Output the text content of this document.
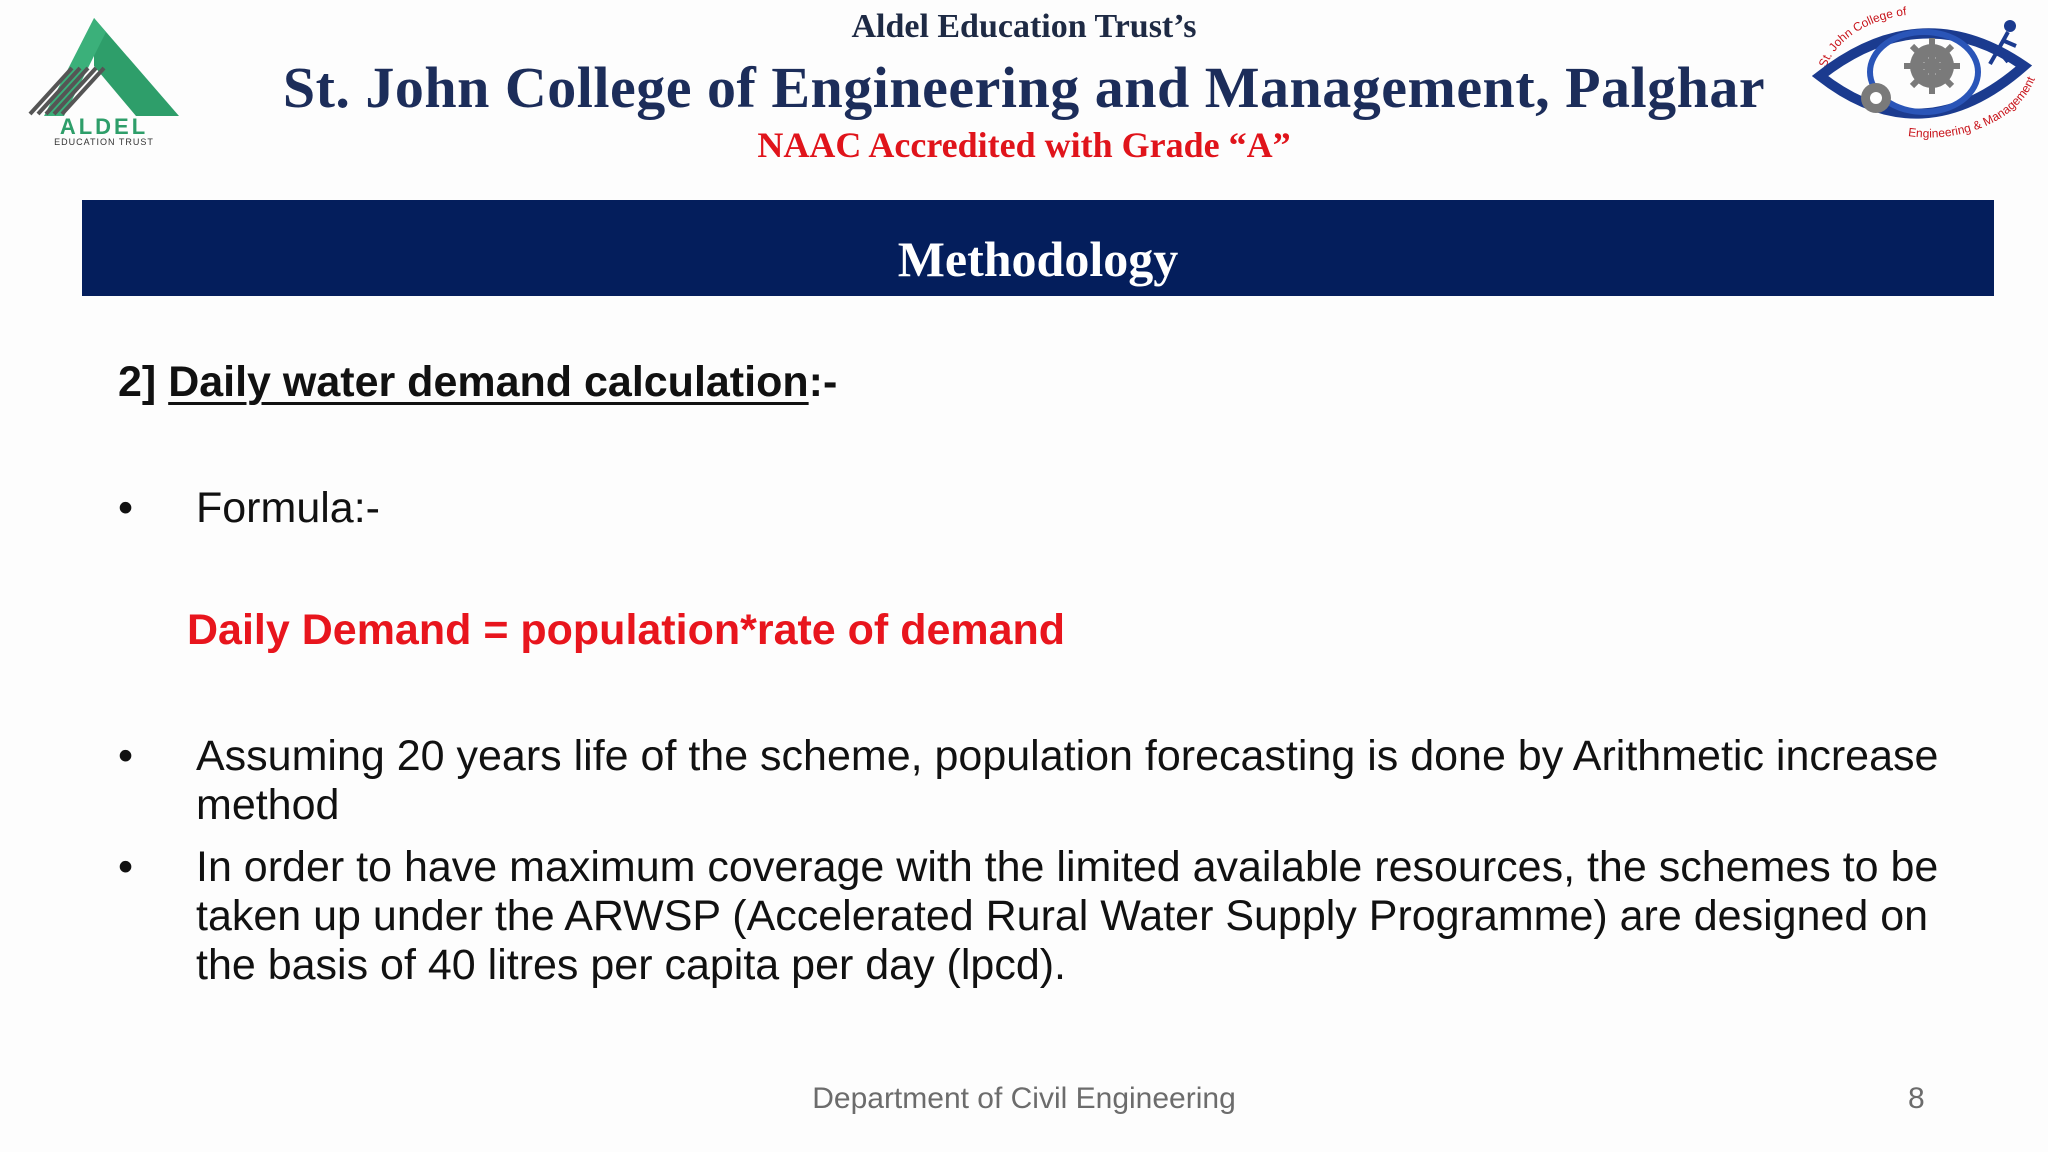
ALDEL
EDUCATION TRUST
Aldel Education Trust’s
St. John College of Engineering and Management, Palghar
NAAC Accredited with Grade “A”
St. John College of
Engineering & Management
Methodology
2] Daily water demand calculation:-
•	Formula:-
Daily Demand = population*rate of demand
•	Assuming 20 years life of the scheme, population forecasting is done by Arithmetic increase method
•	In order to have maximum coverage with the limited available resources, the schemes to be taken up under the ARWSP (Accelerated Rural Water Supply Programme) are designed on the basis of 40 litres per capita per day (lpcd).
Department of Civil Engineering	8
